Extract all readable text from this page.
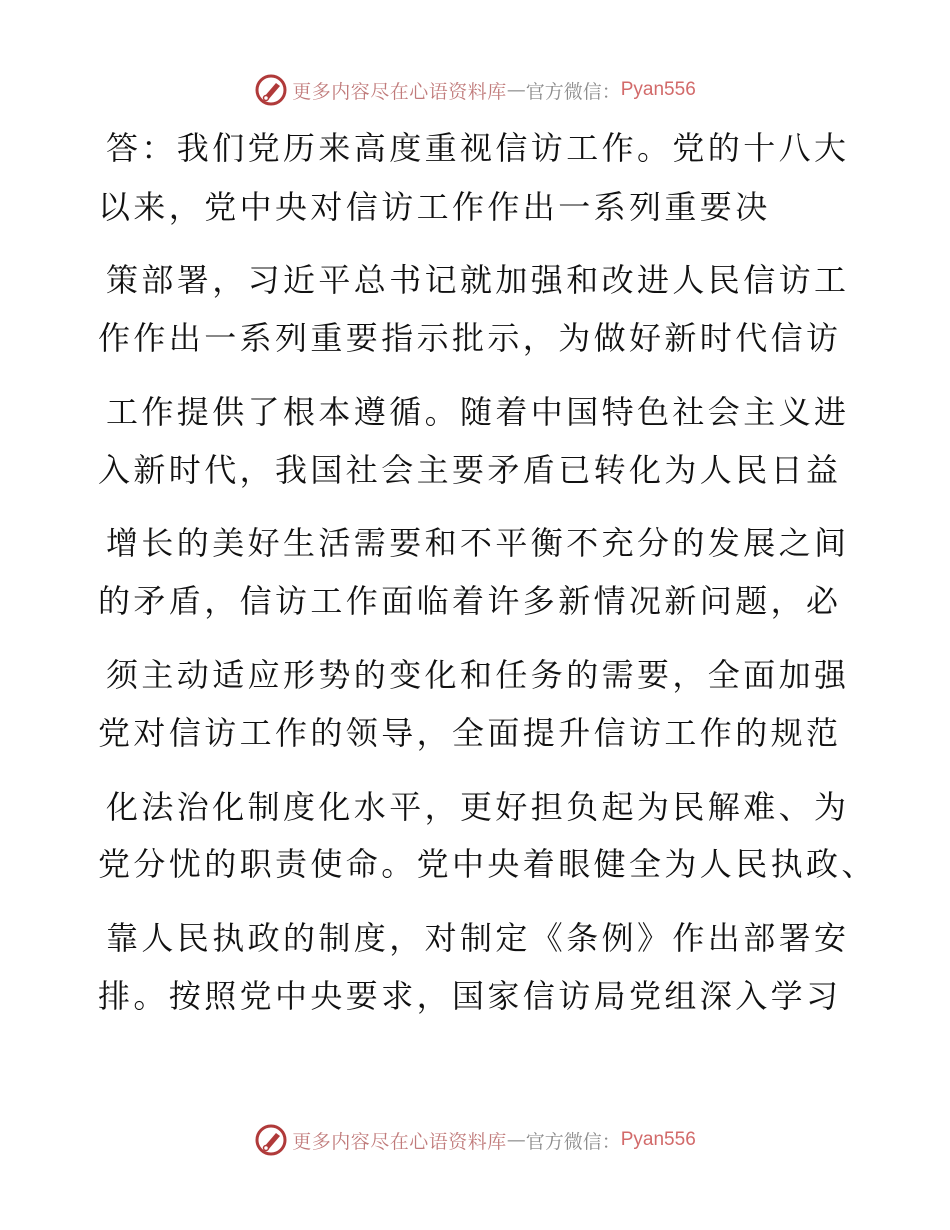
更多内容尽在心语资料库 — 官方微信： Pyan556
答：我们党历来高度重视信访工作。党的十八大
以来，党中央对信访工作作出一系列重要决
策部署，习近平总书记就加强和改进人民信访工
作作出一系列重要指示批示，为做好新时代信访
工作提供了根本遵循。随着中国特色社会主义进
入新时代，我国社会主要矛盾已转化为人民日益
增长的美好生活需要和不平衡不充分的发展之间
的矛盾，信访工作面临着许多新情况新问题，必
须主动适应形势的变化和任务的需要，全面加强
党对信访工作的领导，全面提升信访工作的规范
化法治化制度化水平，更好担负起为民解难、为
党分忧的职责使命。党中央着眼健全为人民执政、
靠人民执政的制度，对制定《条例》作出部署安
排。按照党中央要求，国家信访局党组深入学习
更多内容尽在心语资料库 — 官方微信： Pyan556
